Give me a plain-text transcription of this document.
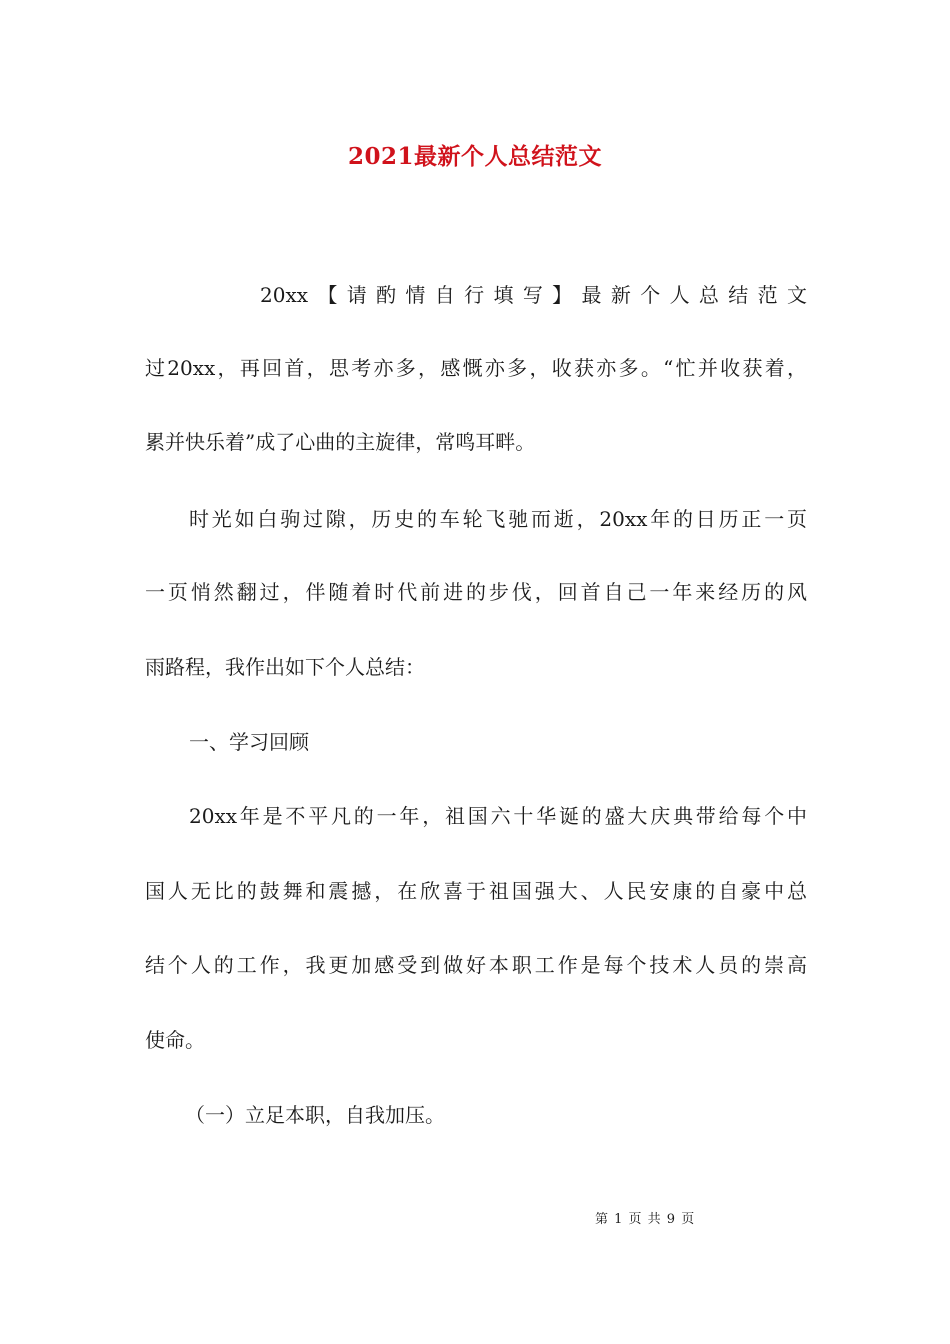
2021最新个人总结范文
20xx【请酌情自行填写】最新个人总结范文
过20xx，再回首，思考亦多，感慨亦多，收获亦多。“忙并收获着，
累并快乐着”成了心曲的主旋律，常鸣耳畔。
时光如白驹过隙，历史的车轮飞驰而逝，20xx年的日历正一页
一页悄然翻过，伴随着时代前进的步伐，回首自己一年来经历的风
雨路程，我作出如下个人总结：
一、学习回顾
20xx年是不平凡的一年，祖国六十华诞的盛大庆典带给每个中
国人无比的鼓舞和震撼，在欣喜于祖国强大、人民安康的自豪中总
结个人的工作，我更加感受到做好本职工作是每个技术人员的崇高
使命。
（一）立足本职，自我加压。
第 1 页 共 9 页
